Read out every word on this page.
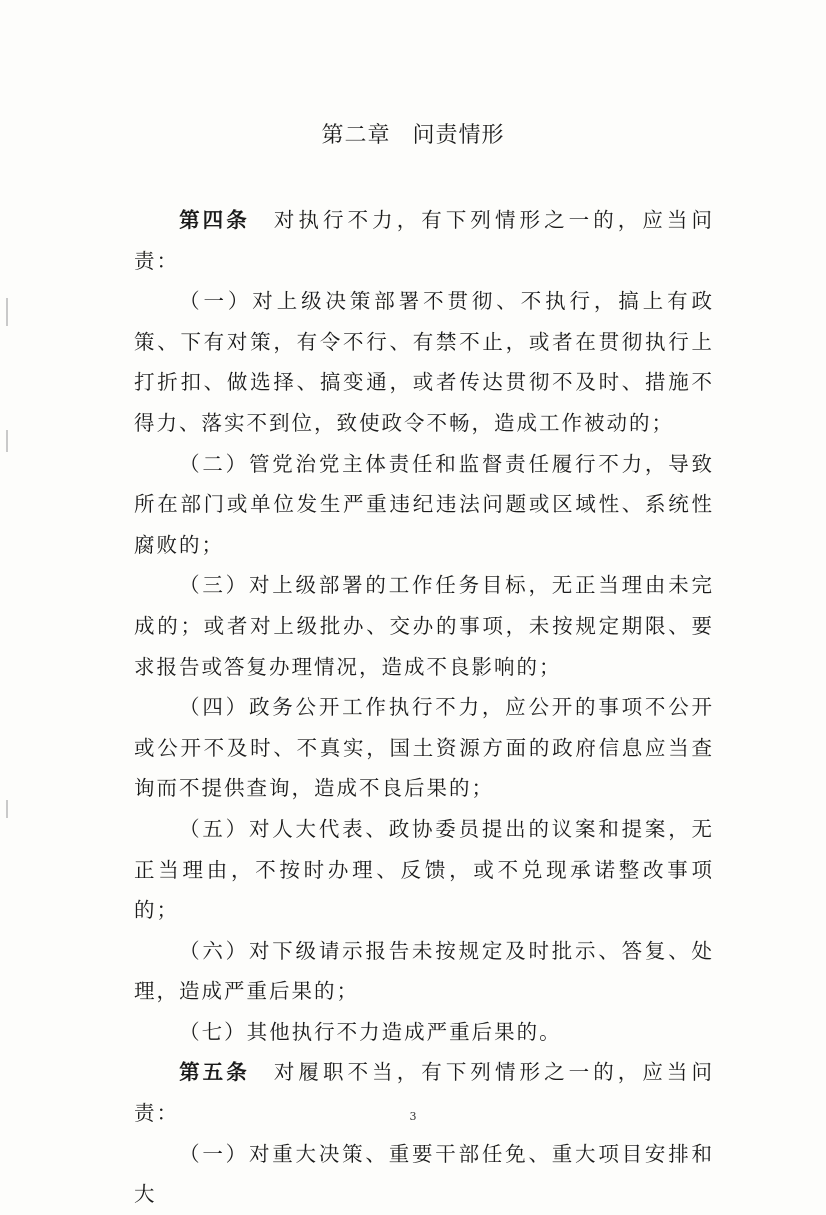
第二章 问责情形

第四条 对执行不力，有下列情形之一的，应当问责：

（一）对上级决策部署不贯彻、不执行，搞上有政策、下有对策，有令不行、有禁不止，或者在贯彻执行上打折扣、做选择、搞变通，或者传达贯彻不及时、措施不得力、落实不到位，致使政令不畅，造成工作被动的；

（二）管党治党主体责任和监督责任履行不力，导致所在部门或单位发生严重违纪违法问题或区域性、系统性腐败的；

（三）对上级部署的工作任务目标，无正当理由未完成的；或者对上级批办、交办的事项，未按规定期限、要求报告或答复办理情况，造成不良影响的；

（四）政务公开工作执行不力，应公开的事项不公开或公开不及时、不真实，国土资源方面的政府信息应当查询而不提供查询，造成不良后果的；

（五）对人大代表、政协委员提出的议案和提案，无正当理由，不按时办理、反馈，或不兑现承诺整改事项的；

（六）对下级请示报告未按规定及时批示、答复、处理，造成严重后果的；

（七）其他执行不力造成严重后果的。

第五条 对履职不当，有下列情形之一的，应当问责：

（一）对重大决策、重要干部任免、重大项目安排和大

3
